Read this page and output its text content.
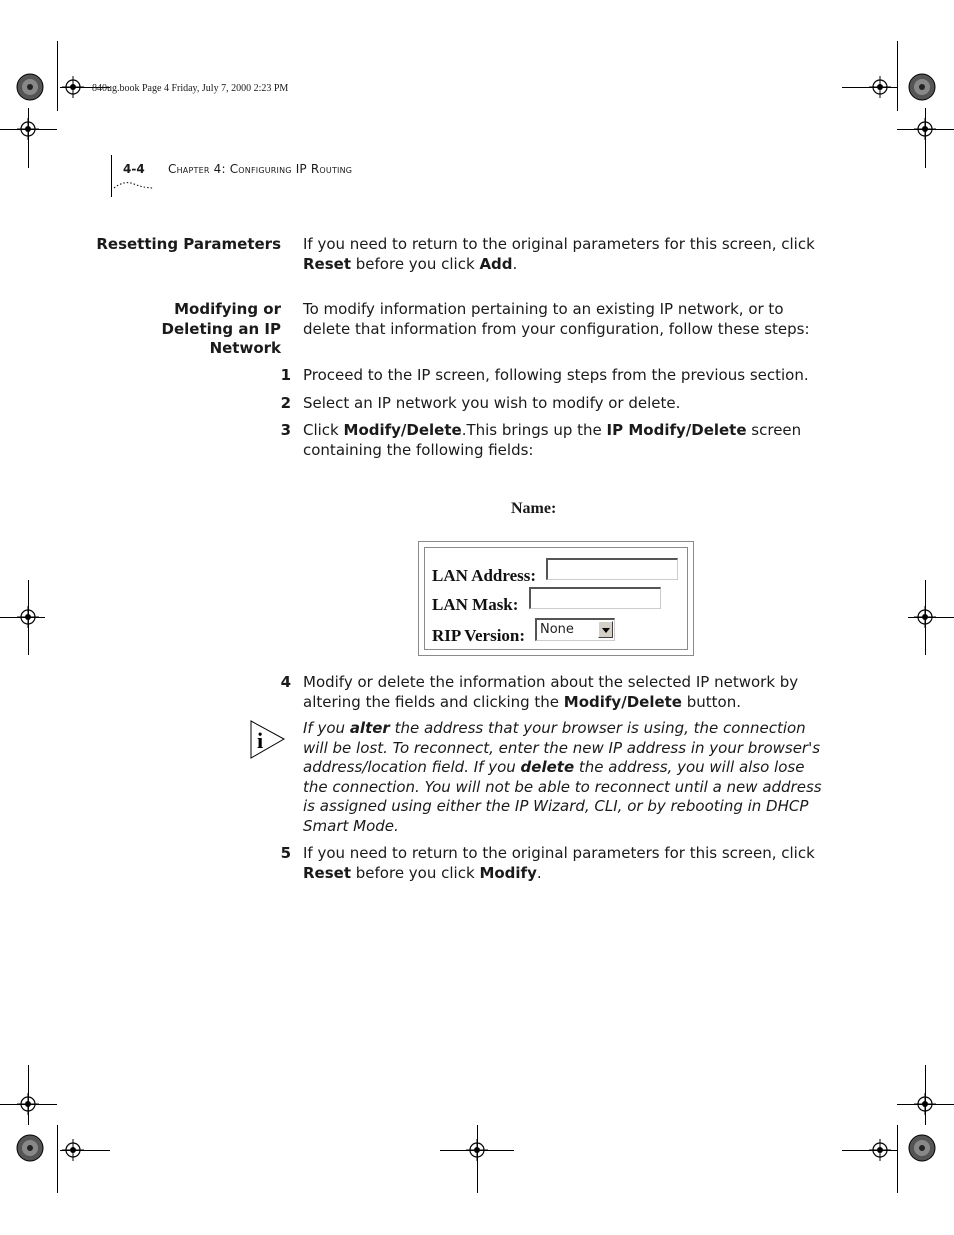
840ug.book Page 4 Friday, July 7, 2000 2:23 PM
4-4 Chapter 4: Configuring IP Routing
Resetting Parameters If you need to return to the original parameters for this screen, click Reset before you click Add.
Modifying or
Deleting an IP
Network
To modify information pertaining to an existing IP network, or to delete that information from your configuration, follow these steps:
1 Proceed to the IP screen, following steps from the previous section.
2 Select an IP network you wish to modify or delete.
3 Click Modify/Delete.This brings up the IP Modify/Delete screen containing the following fields:
Name:
LAN Address:
LAN Mask:
RIP Version: None
4 Modify or delete the information about the selected IP network by altering the fields and clicking the Modify/Delete button.
i	If you alter the address that your browser is using, the connection will be lost. To reconnect, enter the new IP address in your browser's address/location field. If you delete the address, you will also lose the connection. You will not be able to reconnect until a new address is assigned using either the IP Wizard, CLI, or by rebooting in DHCP Smart Mode.
5 If you need to return to the original parameters for this screen, click Reset before you click Modify.
